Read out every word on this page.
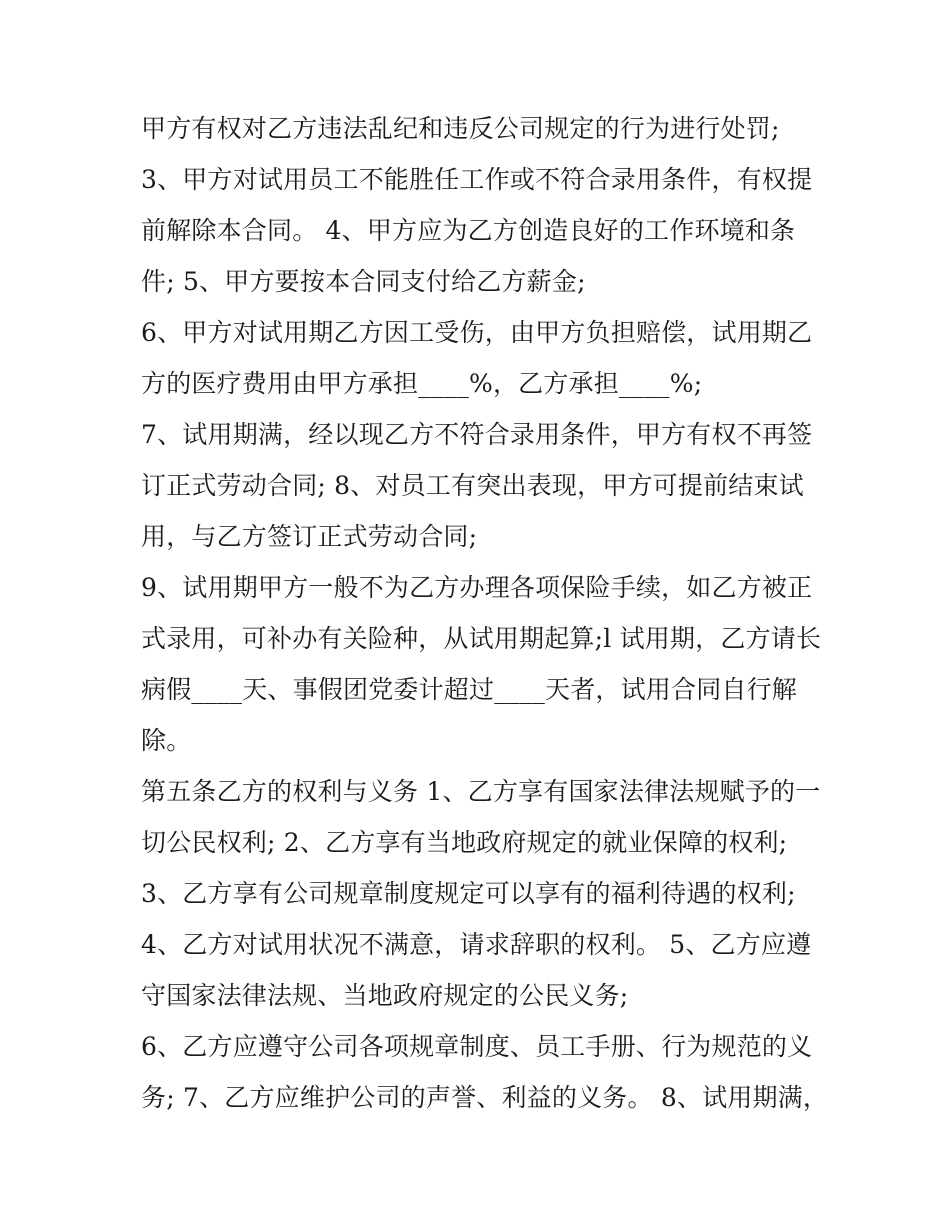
甲方有权对乙方违法乱纪和违反公司规定的行为进行处罚;
3、甲方对试用员工不能胜任工作或不符合录用条件，有权提
前解除本合同。 4、甲方应为乙方创造良好的工作环境和条
件; 5、甲方要按本合同支付给乙方薪金;
6、甲方对试用期乙方因工受伤，由甲方负担赔偿，试用期乙
方的医疗费用由甲方承担____%，乙方承担____%;
7、试用期满，经以现乙方不符合录用条件，甲方有权不再签
订正式劳动合同; 8、对员工有突出表现，甲方可提前结束试
用，与乙方签订正式劳动合同;
9、试用期甲方一般不为乙方办理各项保险手续，如乙方被正
式录用，可补办有关险种，从试用期起算;l 试用期，乙方请长
病假____天、事假团党委计超过____天者，试用合同自行解
除。
第五条乙方的权利与义务 1、乙方享有国家法律法规赋予的一
切公民权利; 2、乙方享有当地政府规定的就业保障的权利;
3、乙方享有公司规章制度规定可以享有的福利待遇的权利;
4、乙方对试用状况不满意，请求辞职的权利。 5、乙方应遵
守国家法律法规、当地政府规定的公民义务;
6、乙方应遵守公司各项规章制度、员工手册、行为规范的义
务; 7、乙方应维护公司的声誉、利益的义务。 8、试用期满，
